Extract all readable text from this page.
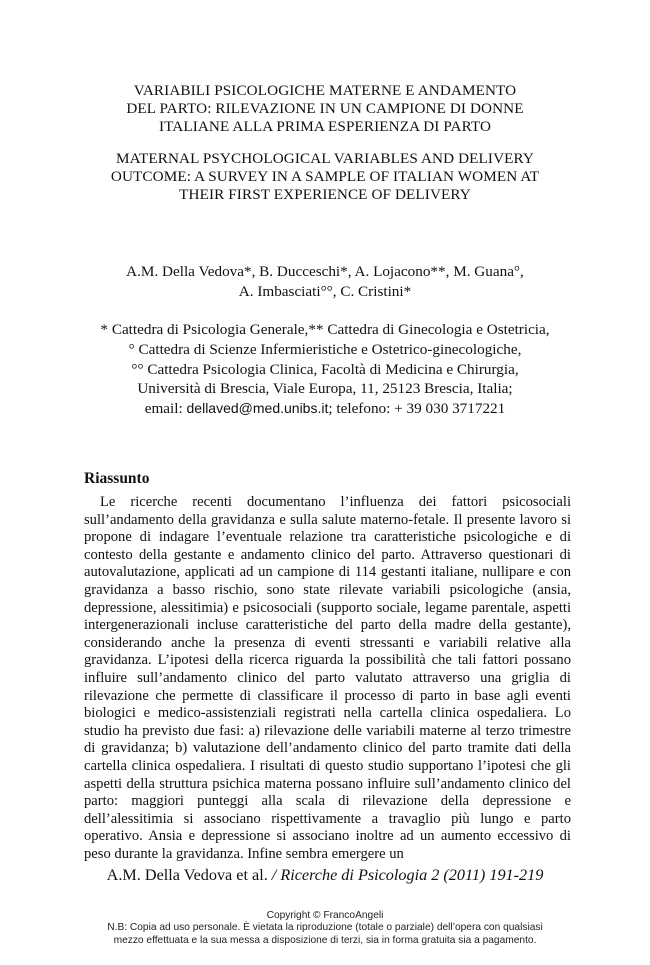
VARIABILI PSICOLOGICHE MATERNE E ANDAMENTO

DEL PARTO: RILEVAZIONE IN UN CAMPIONE DI DONNE

ITALIANE ALLA PRIMA ESPERIENZA DI PARTO

MATERNAL PSYCHOLOGICAL VARIABLES AND DELIVERY

OUTCOME: A SURVEY IN A SAMPLE OF ITALIAN WOMEN AT

THEIR FIRST EXPERIENCE OF DELIVERY

A.M. Della Vedova*, B. Ducceschi*, A. Lojacono**, M. Guana°,

A. Imbasciati°°, C. Cristini*

* Cattedra di Psicologia Generale,** Cattedra di Ginecologia e Ostetricia,

° Cattedra di Scienze Infermieristiche e Ostetrico-ginecologiche,

°° Cattedra Psicologia Clinica, Facoltà di Medicina e Chirurgia,

Università di Brescia, Viale Europa, 11, 25123 Brescia, Italia;

email: dellaved@med.unibs.it; telefono: + 39 030 3717221

Riassunto

Le ricerche recenti documentano l’influenza dei fattori psicosociali sull’andamento della gravidanza e sulla salute materno-fetale. Il presente lavoro si propone di indagare l’eventuale relazione tra caratteristiche psicologiche e di contesto della gestante e andamento clinico del parto. Attraverso questionari di autovalutazione, applicati ad un campione di 114 gestanti italiane, nullipare e con gravidanza a basso rischio, sono state rilevate variabili psicologiche (ansia, depressione, alessitimia) e psicosociali (supporto sociale, legame parentale, aspetti intergenerazionali incluse caratteristiche del parto della madre della gestante), considerando anche la presenza di eventi stressanti e variabili relative alla gravidanza. L’ipotesi della ricerca riguarda la possibilità che tali fattori possano influire sull’andamento clinico del parto valutato attraverso una griglia di rilevazione che permette di classificare il processo di parto in base agli eventi biologici e medico-assistenziali registrati nella cartella clinica ospedaliera. Lo studio ha previsto due fasi: a) rilevazione delle variabili materne al terzo trimestre di gravidanza; b) valutazione dell’andamento clinico del parto tramite dati della cartella clinica ospedaliera. I risultati di questo studio supportano l’ipotesi che gli aspetti della struttura psichica materna possano influire sull’andamento clinico del parto: maggiori punteggi alla scala di rilevazione della depressione e dell’alessitimia si associano rispettivamente a travaglio più lungo e parto operativo. Ansia e depressione si associano inoltre ad un aumento eccessivo di peso durante la gravidanza. Infine sembra emergere un

A.M. Della Vedova et al. / Ricerche di Psicologia 2 (2011) 191-219

Copyright © FrancoAngeli

N.B: Copia ad uso personale. È vietata la riproduzione (totale o parziale) dell’opera con qualsiasi

mezzo effettuata e la sua messa a disposizione di terzi, sia in forma gratuita sia a pagamento.
